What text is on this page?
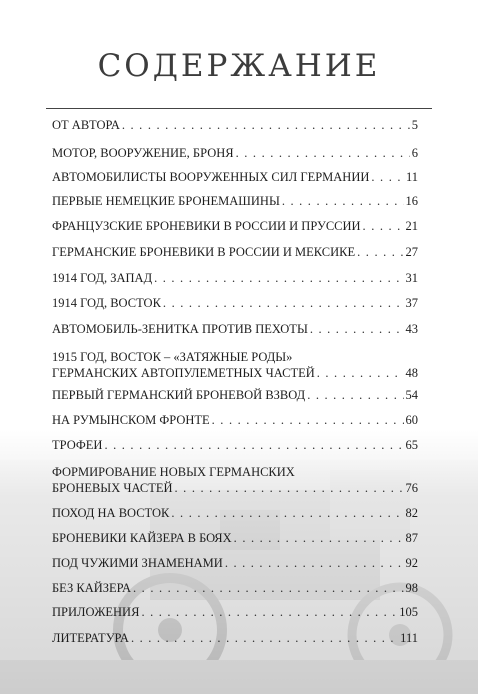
СОДЕРЖАНИЕ
ОТ АВТОРА . . .	5
МОТОР, ВООРУЖЕНИЕ, БРОНЯ . . .	6
АВТОМОБИЛИСТЫ ВООРУЖЕННЫХ СИЛ ГЕРМАНИИ . . .	11
ПЕРВЫЕ НЕМЕЦКИЕ БРОНЕМАШИНЫ . . .	16
ФРАНЦУЗСКИЕ БРОНЕВИКИ В РОССИИ И ПРУССИИ . . .	21
ГЕРМАНСКИЕ БРОНЕВИКИ В РОССИИ И МЕКСИКЕ . . .	27
1914 ГОД, ЗАПАД . . .	31
1914 ГОД, ВОСТОК . . .	37
АВТОМОБИЛЬ-ЗЕНИТКА ПРОТИВ ПЕХОТЫ . . .	43
1915 ГОД, ВОСТОК – «ЗАТЯЖНЫЕ РОДЫ»
ГЕРМАНСКИХ АВТОПУЛЕМЕТНЫХ ЧАСТЕЙ . . .	48
ПЕРВЫЙ ГЕРМАНСКИЙ БРОНЕВОЙ ВЗВОД . . .	54
НА РУМЫНСКОМ ФРОНТЕ . . .	60
ТРОФЕИ . . .	65
ФОРМИРОВАНИЕ НОВЫХ ГЕРМАНСКИХ
БРОНЕВЫХ ЧАСТЕЙ . . .	76
ПОХОД НА ВОСТОК . . .	82
БРОНЕВИКИ КАЙЗЕРА В БОЯХ . . .	87
ПОД ЧУЖИМИ ЗНАМЕНАМИ . . .	92
БЕЗ КАЙЗЕРА . . .	98
ПРИЛОЖЕНИЯ . . .	105
ЛИТЕРАТУРА . . .	111
